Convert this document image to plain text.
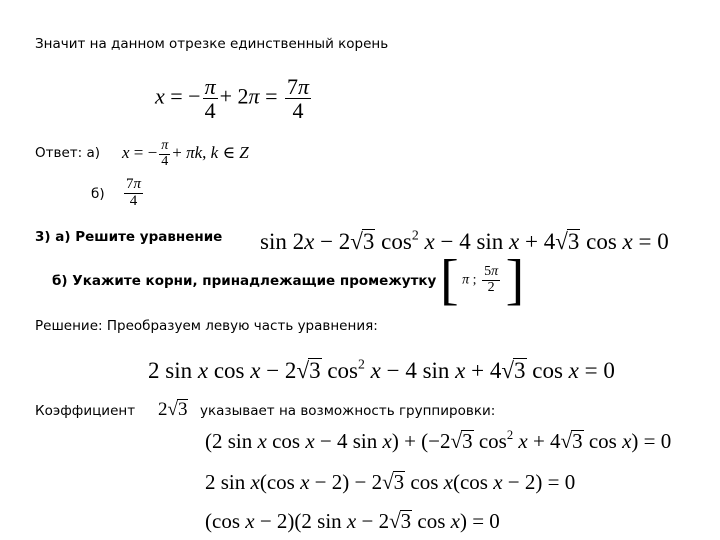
Значит на данном отрезке единственный корень
x = − $\frac{\pi}{4} + 2\pi = \frac{7\pi}{4}$
Ответ: а) x = − $\frac{\pi}{4} + \pi k$, k ∈ Z
$б) \frac{7\pi}{4}$
3) а) Решите уравнение sin 2x − 2√3 $\cos^2 x - 4$ sin x + 4√3 cos x = 0
б) Укажите корни, принадлежащие промежутку [ π ; $\frac{5\pi}{2}$ ]
Решение: Преобразуем левую часть уравнения:
2 sin x cos x − 2√3 $\cos^2 x - 4$ sin x + 4√3 cos x = 0
Коэффициент 2√3 указывает на возможность группировки:
(2 sin x cos x − 4 sin x) + (−2√3 $\cos^2 x + 4√3$ cos x) = 0
2 sin x(cos x − 2) − 2√3 cos x(cos x − 2) = 0
(cos x − 2)(2 sin x − 2√3 cos x) = 0
